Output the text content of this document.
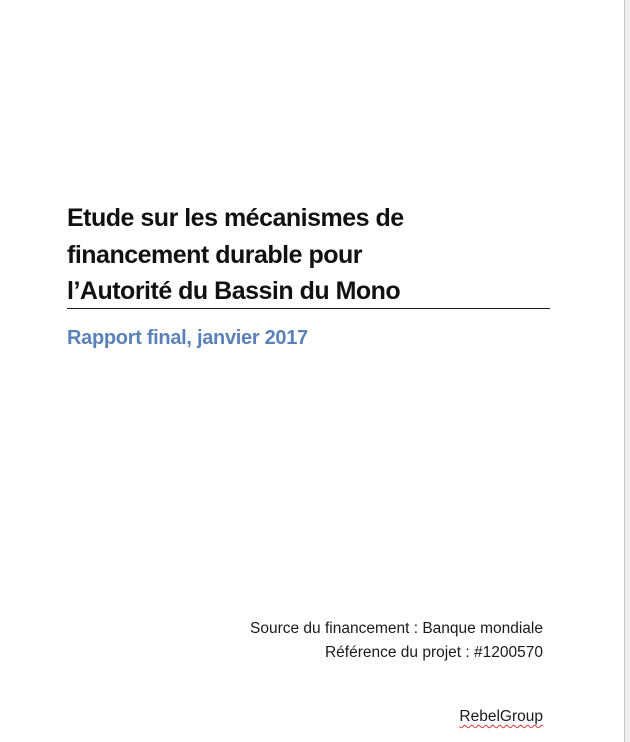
Etude sur les mécanismes de
financement durable pour
l’Autorité du Bassin du Mono
Rapport final, janvier 2017
Source du financement : Banque mondiale
Référence du projet : #1200570
RebelGroup
